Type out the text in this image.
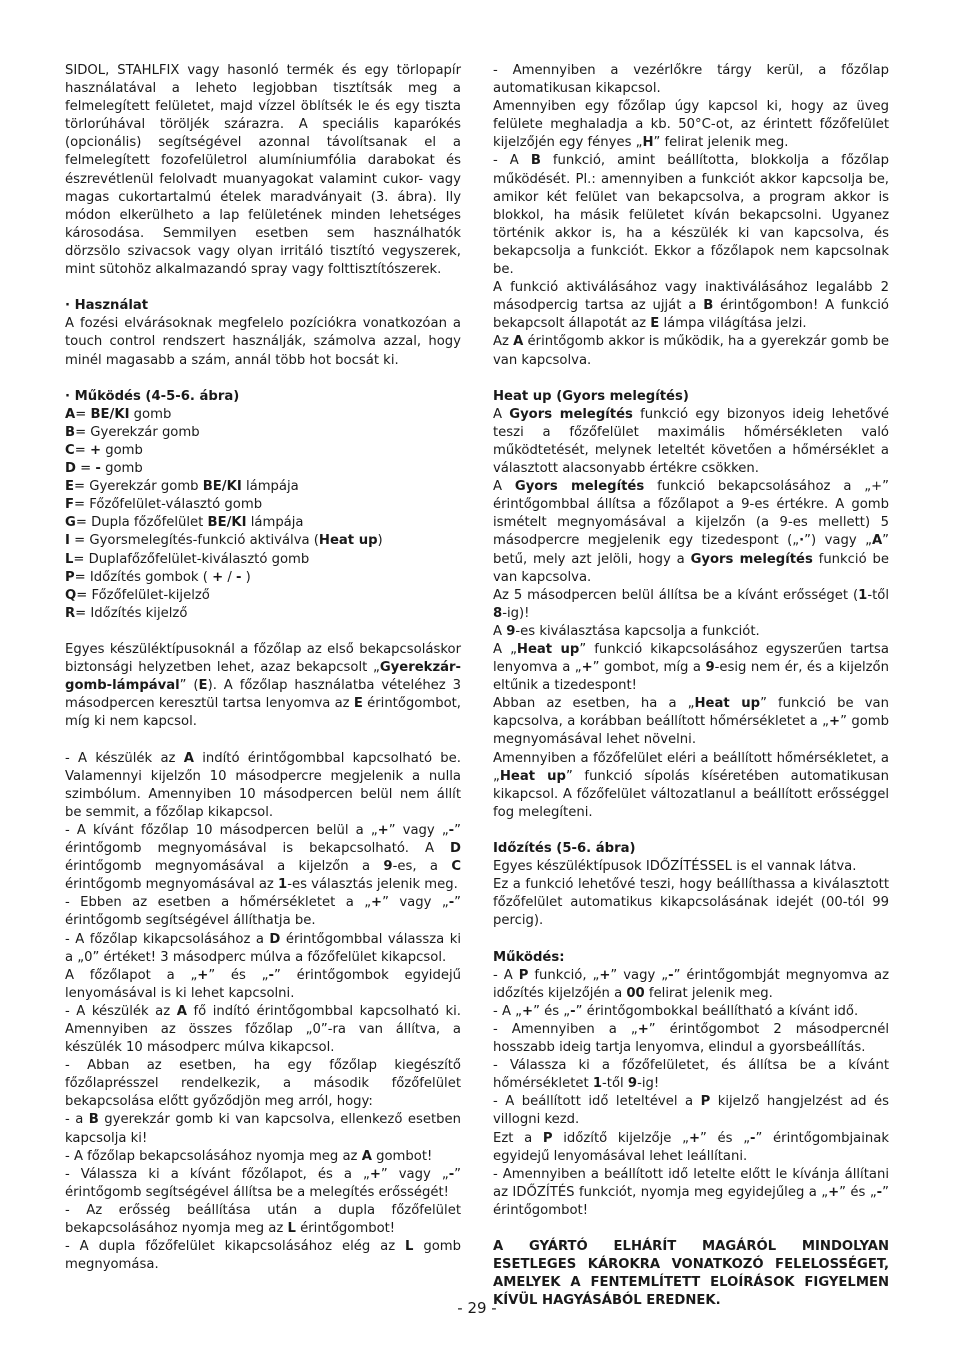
SIDOL, STAHLFIX vagy hasonló termék és egy törlopapír használatával a leheto legjobban tisztítsák meg a felmelegített felületet, majd vízzel öblítsék le és egy tiszta törlorúhával töröljék szárazra. A speciális kaparókés (opcionális) segítségével azonnal távolítsanak el a felmelegített fozofelületrol alumíniumfólia darabokat és észrevétlenül felolvadt muanyagokat valamint cukor- vagy magas cukortartalmú ételek maradványait (3. ábra). Ily módon elkerülheto a lap felületének minden lehetséges károsodása. Semmilyen esetben sem használhatók dörzsölo szivacsok vagy olyan irritáló tisztító vegyszerek, mint sütohöz alkalmazandó spray vagy folttisztítószerek.

· Használat

A fozési elvárásoknak megfelelo pozíciókra vonatkozóan a touch control rendszert használják, számolva azzal, hogy minél magasabb a szám, annál több hot bocsát ki.

· Működés (4-5-6. ábra)

A= BE/KI gomb

B= Gyerekzár gomb

C= + gomb

D = - gomb

E= Gyerekzár gomb BE/KI lámpája

F= Főzőfelület-választó gomb

G= Dupla főzőfelület BE/KI lámpája

I = Gyorsmelegítés-funkció aktiválva (Heat up)

L= Duplafőzőfelület-kiválasztó gomb

P= Időzítés gombok ( + / - )

Q= Főzőfelület-kijelző

R= Időzítés kijelző

Egyes készüléktípusoknál a főzőlap az első bekapcsoláskor biztonsági helyzetben lehet, azaz bekapcsolt „Gyerekzár-gomb-lámpával” (E). A főzőlap használatba vételéhez 3 másodpercen keresztül tartsa lenyomva az E érintőgombot, míg ki nem kapcsol.

- A készülék az A indító érintőgombbal kapcsolható be. Valamennyi kijelzőn 10 másodpercre megjelenik a nulla szimbólum. Amennyiben 10 másodpercen belül nem állít be semmit, a főzőlap kikapcsol.

- A kívánt főzőlap 10 másodpercen belül a „+” vagy „-” érintőgomb megnyomásával is bekapcsolható. A D érintőgomb megnyomásával a kijelzőn a 9-es, a C érintőgomb megnyomásával az 1-es választás jelenik meg.

- Ebben az esetben a hőmérsékletet a „+” vagy „-” érintőgomb segítségével állíthatja be.

- A főzőlap kikapcsolásához a D érintőgombbal válassza ki a „0” értéket! 3 másodperc múlva a főzőfelület kikapcsol.

A főzőlapot a „+” és „-” érintőgombok egyidejű lenyomásával is ki lehet kapcsolni.

- A készülék az A fő indító érintőgombbal kapcsolható ki. Amennyiben az összes főzőlap „0”-ra van állítva, a készülék 10 másodperc múlva kikapcsol.

- Abban az esetben, ha egy főzőlap kiegészítő főzőlaprésszel rendelkezik, a második főzőfelület bekapcsolása előtt győződjön meg arról, hogy:

- a B gyerekzár gomb ki van kapcsolva, ellenkező esetben kapcsolja ki!

- A főzőlap bekapcsolásához nyomja meg az A gombot!

- Válassza ki a kívánt főzőlapot, és a „+” vagy „-” érintőgomb segítségével állítsa be a melegítés erősségét!

- Az erősség beállítása után a dupla főzőfelület bekapcsolásához nyomja meg az L érintőgombot!

- A dupla főzőfelület kikapcsolásához elég az L gomb megnyomása.

- Amennyiben a vezérlőkre tárgy kerül, a főzőlap automatikusan kikapcsol.

Amennyiben egy főzőlap úgy kapcsol ki, hogy az üveg felülete meghaladja a kb. 50°C-ot, az érintett főzőfelület kijelzőjén egy fényes „H” felirat jelenik meg.

- A B funkció, amint beállította, blokkolja a főzőlap működését. Pl.: amennyiben a funkciót akkor kapcsolja be, amikor két felület van bekapcsolva, a program akkor is blokkol, ha másik felületet kíván bekapcsolni. Ugyanez történik akkor is, ha a készülék ki van kapcsolva, és bekapcsolja a funkciót. Ekkor a főzőlapok nem kapcsolnak be.

A funkció aktiválásához vagy inaktiválásához legalább 2 másodpercig tartsa az ujját a B érintőgombon! A funkció bekapcsolt állapotát az E lámpa világítása jelzi.

Az A érintőgomb akkor is működik, ha a gyerekzár gomb be van kapcsolva.

Heat up (Gyors melegítés)

A Gyors melegítés funkció egy bizonyos ideig lehetővé teszi a főzőfelület maximális hőmérsékleten való működtetését, melynek leteltét követően a hőmérséklet a választott alacsonyabb értékre csökken.

A Gyors melegítés funkció bekapcsolásához a „+” érintőgombbal állítsa a főzőlapot a 9-es értékre. A gomb ismételt megnyomásával a kijelzőn (a 9-es mellett) 5 másodpercre megjelenik egy tizedespont („·”) vagy „A” betű, mely azt jelöli, hogy a Gyors melegítés funkció be van kapcsolva.

Az 5 másodpercen belül állítsa be a kívánt erősséget (1-től 8-ig)!

A 9-es kiválasztása kapcsolja a funkciót.

A „Heat up” funkció kikapcsolásához egyszerűen tartsa lenyomva a „+” gombot, míg a 9-esig nem ér, és a kijelzőn eltűnik a tizedespont!

Abban az esetben, ha a „Heat up” funkció be van kapcsolva, a korábban beállított hőmérsékletet a „+” gomb megnyomásával lehet növelni.

Amennyiben a főzőfelület eléri a beállított hőmérsékletet, a „Heat up” funkció sípolás kíséretében automatikusan kikapcsol. A főzőfelület változatlanul a beállított erősséggel fog melegíteni.

Időzítés (5-6. ábra)

Egyes készüléktípusok IDŐZÍTÉSSEL is el vannak látva.

Ez a funkció lehetővé teszi, hogy beállíthassa a kiválasztott főzőfelület automatikus kikapcsolásának idejét (00-tól 99 percig).

Működés:

- A P funkció, „+” vagy „-” érintőgombját megnyomva az időzítés kijelzőjén a 00 felirat jelenik meg.

- A „+” és „-” érintőgombokkal beállítható a kívánt idő.

- Amennyiben a „+” érintőgombot 2 másodpercnél hosszabb ideig tartja lenyomva, elindul a gyorsbeállítás.

- Válassza ki a főzőfelületet, és állítsa be a kívánt hőmérsékletet 1-től 9-ig!

- A beállított idő leteltével a P kijelző hangjelzést ad és villogni kezd.

Ezt a P időzítő kijelzője „+” és „-” érintőgombjainak egyidejű lenyomásával lehet leállítani.

- Amennyiben a beállított idő letelte előtt le kívánja állítani az IDŐZÍTÉS funkciót, nyomja meg egyidejűleg a „+” és „-” érintőgombot!

A GYÁRTÓ ELHÁRÍT MAGÁRÓL MINDOLYAN ESETLEGES KÁROKRA VONATKOZÓ FELELOSSÉGET, AMELYEK A FENTEMLÍTETT ELOÍRÁSOK FIGYELMEN KÍVÜL HAGYÁSÁBÓL EREDNEK.

- 29 -
